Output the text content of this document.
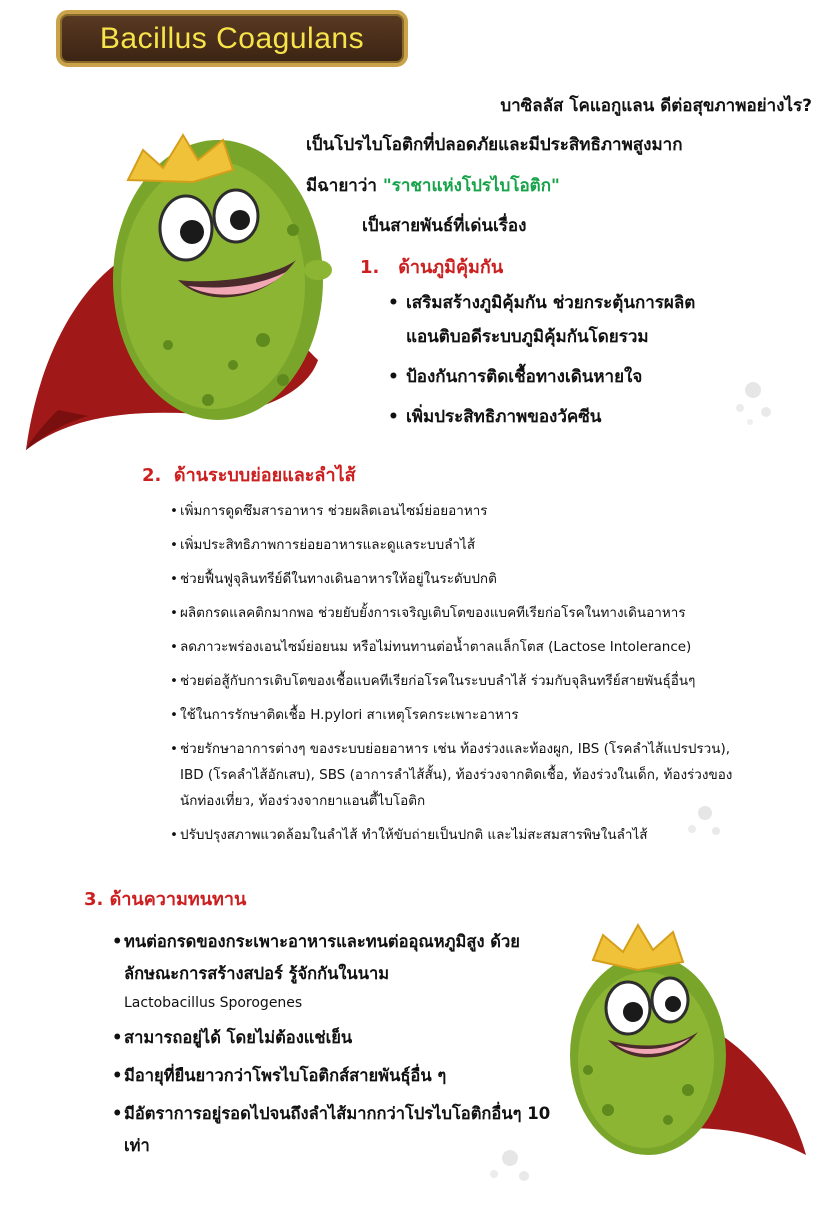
Bacillus Coagulans
บาซิลลัส โคแอกูแลน ดีต่อสุขภาพอย่างไร?
เป็นโปรไบโอติกที่ปลอดภัยและมีประสิทธิภาพสูงมาก
มีฉายาว่า "ราชาแห่งโปรไบโอติก"
เป็นสายพันธ์ที่เด่นเรื่อง
1. ด้านภูมิคุ้มกัน
• เสริมสร้างภูมิคุ้มกัน ช่วยกระตุ้นการผลิต
แอนติบอดีระบบภูมิคุ้มกันโดยรวม
• ป้องกันการติดเชื้อทางเดินหายใจ
• เพิ่มประสิทธิภาพของวัคซีน
2. ด้านระบบย่อยและลำไส้
• เพิ่มการดูดซึมสารอาหาร ช่วยผลิตเอนไซม์ย่อยอาหาร
• เพิ่มประสิทธิภาพการย่อยอาหารและดูแลระบบลำไส้
• ช่วยฟื้นฟูจุลินทรีย์ดีในทางเดินอาหารให้อยู่ในระดับปกติ
• ผลิตกรดแลคติกมากพอ ช่วยยับยั้งการเจริญเติบโตของแบคทีเรียก่อโรคในทางเดินอาหาร
• ลดภาวะพร่องเอนไซม์ย่อยนม หรือไม่ทนทานต่อน้ำตาลแล็กโตส (Lactose Intolerance)
• ช่วยต่อสู้กับการเติบโตของเชื้อแบคทีเรียก่อโรคในระบบลำไส้ ร่วมกับจุลินทรีย์สายพันธุ์อื่นๆ
• ใช้ในการรักษาติดเชื้อ H.pylori สาเหตุโรคกระเพาะอาหาร
• ช่วยรักษาอาการต่างๆ ของระบบย่อยอาหาร เช่น ท้องร่วงและท้องผูก, IBS (โรคลำไส้แปรปรวน), IBD (โรคลำไส้อักเสบ), SBS (อาการลำไส้สั้น), ท้องร่วงจากติดเชื้อ, ท้องร่วงในเด็ก, ท้องร่วงของนักท่องเที่ยว, ท้องร่วงจากยาแอนตี้ไบโอติก
• ปรับปรุงสภาพแวดล้อมในลำไส้ ทำให้ขับถ่ายเป็นปกติ และไม่สะสมสารพิษในลำไส้
3. ด้านความทนทาน
• ทนต่อกรดของกระเพาะอาหารและทนต่ออุณหภูมิสูง ด้วยลักษณะการสร้างสปอร์ รู้จักกันในนาม
Lactobacillus Sporogenes
• สามารถอยู่ได้ โดยไม่ต้องแช่เย็น
• มีอายุที่ยืนยาวกว่าโพรไบโอติกส์สายพันธุ์อื่น ๆ
• มีอัตราการอยู่รอดไปจนถึงลำไส้มากกว่าโปรไบโอติกอื่นๆ 10 เท่า
